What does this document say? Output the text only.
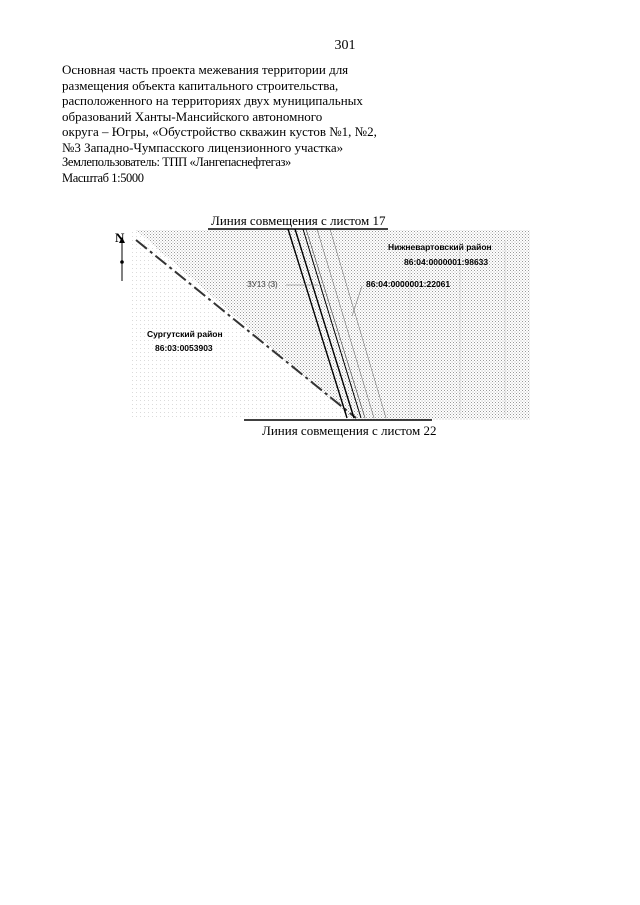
301
Основная часть проекта межевания территории для
размещения объекта капитального строительства,
расположенного на территориях двух муниципальных
образований Ханты-Мансийского автономного
округа – Югры, «Обустройство скважин кустов №1, №2,
№3 Западно-Чумпасского лицензионного участка»
Землепользователь: ТПП «Лангепаснефтегаз»
Масштаб 1:5000
N
Линия совмещения с листом 17
Линия совмещения с листом 22
Нижневартовский район
86:04:0000001:98633
Сургутский район
86:03:0053903
ЗУ13 (3)	86:04:0000001:22061
